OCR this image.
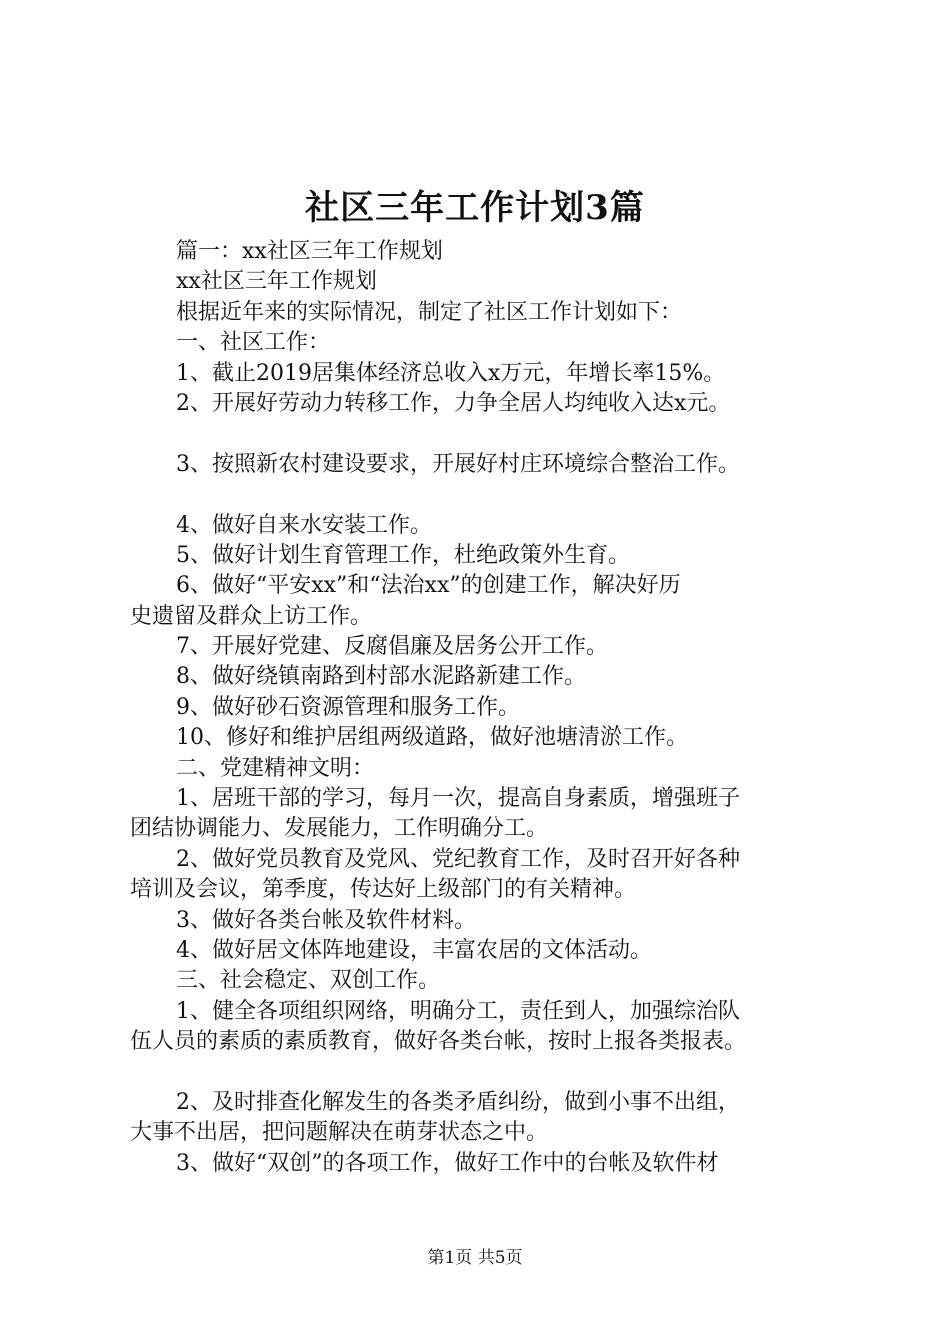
社区三年工作计划3篇
篇一：xx社区三年工作规划
xx社区三年工作规划
根据近年来的实际情况，制定了社区工作计划如下：
一、社区工作：
1、截止2019居集体经济总收入x万元，年增长率15%。
2、开展好劳动力转移工作，力争全居人均纯收入达x元。
3、按照新农村建设要求，开展好村庄环境综合整治工作。
4、做好自来水安装工作。
5、做好计划生育管理工作，杜绝政策外生育。
6、做好“平安xx”和“法治xx”的创建工作，解决好历
史遗留及群众上访工作。
7、开展好党建、反腐倡廉及居务公开工作。
8、做好绕镇南路到村部水泥路新建工作。
9、做好砂石资源管理和服务工作。
10、修好和维护居组两级道路，做好池塘清淤工作。
二、党建精神文明：
1、居班干部的学习，每月一次，提高自身素质，增强班子
团结协调能力、发展能力，工作明确分工。
2、做好党员教育及党风、党纪教育工作，及时召开好各种
培训及会议，第季度，传达好上级部门的有关精神。
3、做好各类台帐及软件材料。
4、做好居文体阵地建设，丰富农居的文体活动。
三、社会稳定、双创工作。
1、健全各项组织网络，明确分工，责任到人，加强综治队
伍人员的素质的素质教育，做好各类台帐，按时上报各类报表。
2、及时排查化解发生的各类矛盾纠纷，做到小事不出组，
大事不出居，把问题解决在萌芽状态之中。
3、做好“双创”的各项工作，做好工作中的台帐及软件材
第1页 共5页
